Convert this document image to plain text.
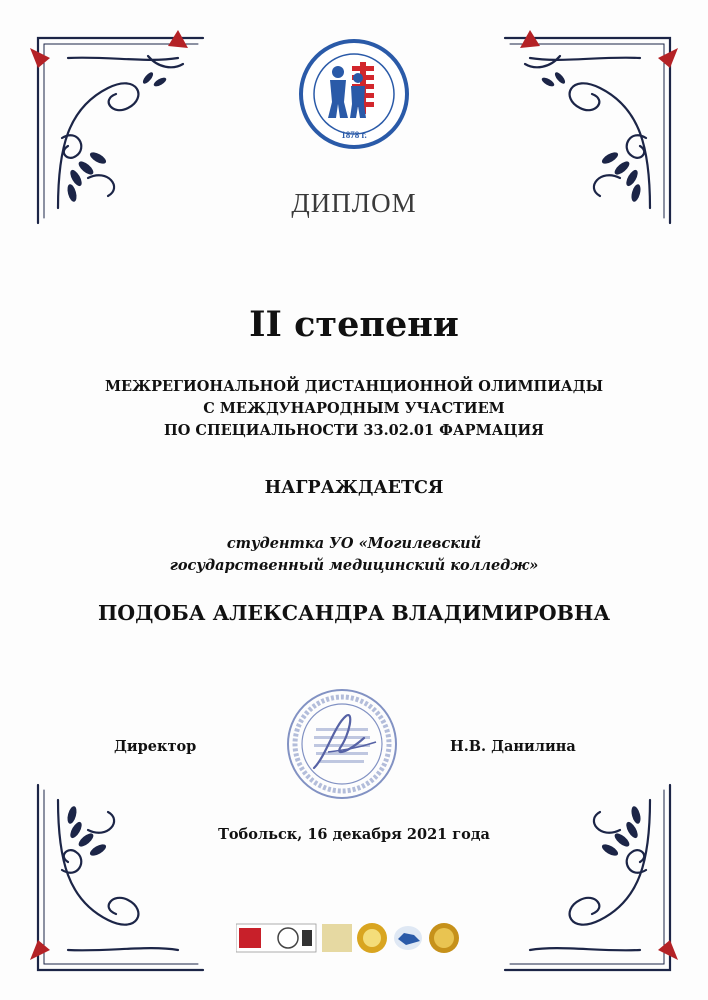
1878 г.
ДИПЛОМ
II степени
МЕЖРЕГИОНАЛЬНОЙ ДИСТАНЦИОННОЙ ОЛИМПИАДЫ
С МЕЖДУНАРОДНЫМ УЧАСТИЕМ
ПО СПЕЦИАЛЬНОСТИ 33.02.01 ФАРМАЦИЯ
НАГРАЖДАЕТСЯ
студентка УО «Могилевский
государственный медицинский колледж»
ПОДОБА АЛЕКСАНДРА ВЛАДИМИРОВНА
Директор	Н.В. Данилина
Тобольск, 16 декабря 2021 года
